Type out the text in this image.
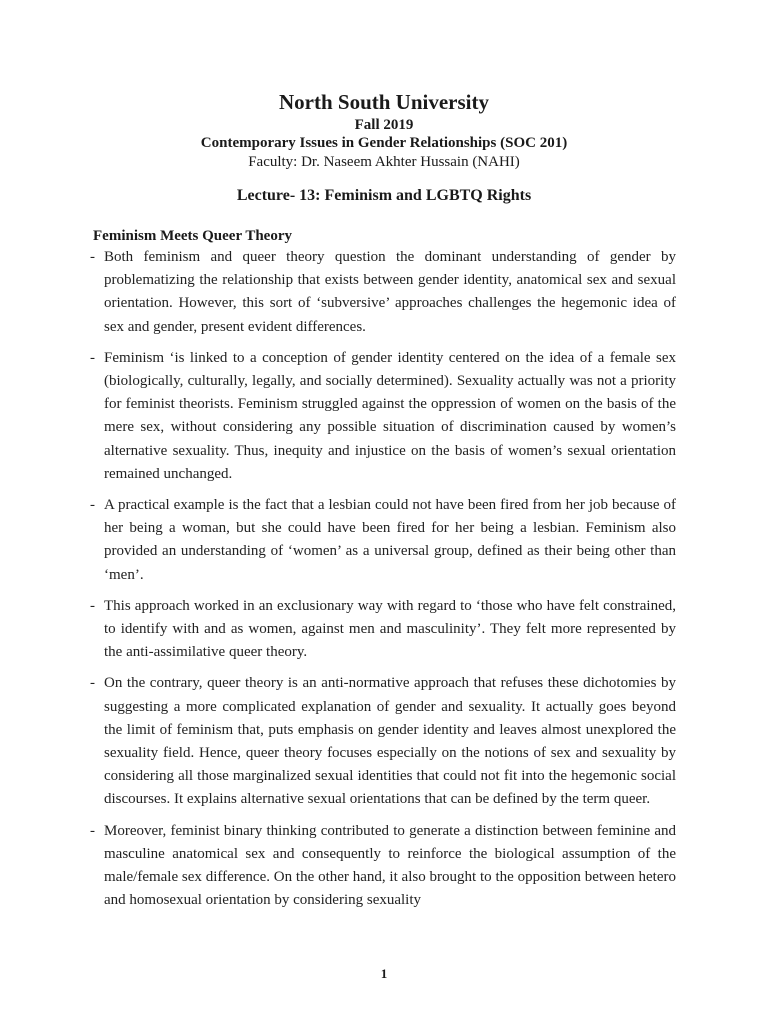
North South University

Fall 2019

Contemporary Issues in Gender Relationships (SOC 201)

Faculty: Dr. Naseem Akhter Hussain (NAHI)

Lecture- 13: Feminism and LGBTQ Rights

Feminism Meets Queer Theory

- Both feminism and queer theory question the dominant understanding of gender by problematizing the relationship that exists between gender identity, anatomical sex and sexual orientation. However, this sort of ‘subversive’ approaches challenges the hegemonic idea of sex and gender, present evident differences.

- Feminism ‘is linked to a conception of gender identity centered on the idea of a female sex (biologically, culturally, legally, and socially determined). Sexuality actually was not a priority for feminist theorists. Feminism struggled against the oppression of women on the basis of the mere sex, without considering any possible situation of discrimination caused by women’s alternative sexuality. Thus, inequity and injustice on the basis of women’s sexual orientation remained unchanged.

- A practical example is the fact that a lesbian could not have been fired from her job because of her being a woman, but she could have been fired for her being a lesbian. Feminism also provided an understanding of ‘women’ as a universal group, defined as their being other than ‘men’.

- This approach worked in an exclusionary way with regard to ‘those who have felt constrained, to identify with and as women, against men and masculinity’. They felt more represented by the anti-assimilative queer theory.

- On the contrary, queer theory is an anti-normative approach that refuses these dichotomies by suggesting a more complicated explanation of gender and sexuality. It actually goes beyond the limit of feminism that, puts emphasis on gender identity and leaves almost unexplored the sexuality field. Hence, queer theory focuses especially on the notions of sex and sexuality by considering all those marginalized sexual identities that could not fit into the hegemonic social discourses. It explains alternative sexual orientations that can be defined by the term queer.

- Moreover, feminist binary thinking contributed to generate a distinction between feminine and masculine anatomical sex and consequently to reinforce the biological assumption of the male/female sex difference. On the other hand, it also brought to the opposition between hetero and homosexual orientation by considering sexuality

1
